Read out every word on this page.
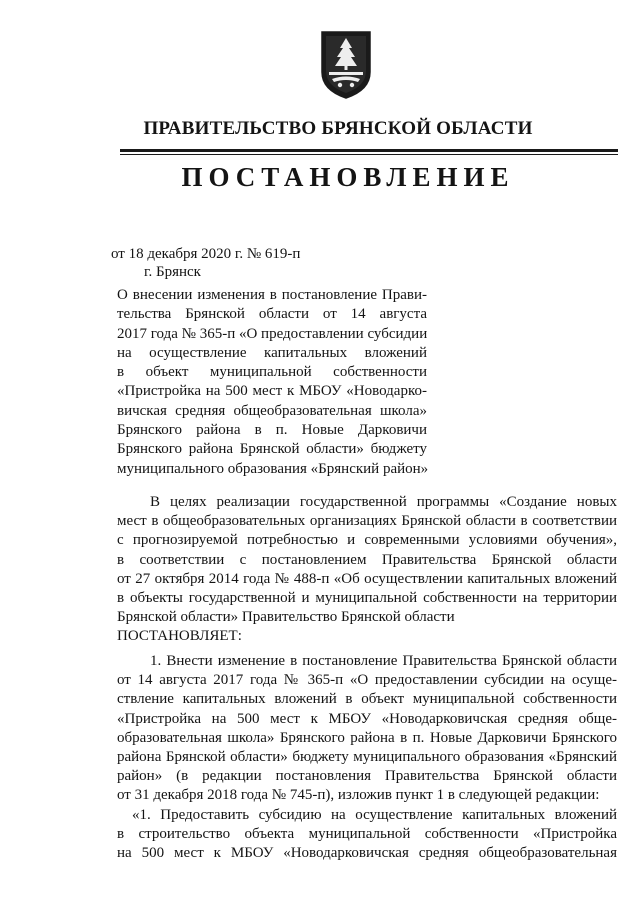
ПРАВИТЕЛЬСТВО БРЯНСКОЙ ОБЛАСТИ
ПОСТАНОВЛЕНИЕ
от 18 декабря 2020 г. № 619-п
г. Брянск
О внесении изменения в постановление Прави-
тельства Брянской области от 14 августа
2017 года № 365-п «О предоставлении субсидии
на осуществление капитальных вложений
в объект муниципальной собственности
«Пристройка на 500 мест к МБОУ «Новодарко-
вичская средняя общеобразовательная школа»
Брянского района в п. Новые Дарковичи
Брянского района Брянской области» бюджету
муниципального образования «Брянский район»
В целях реализации государственной программы «Создание новых
мест в общеобразовательных организациях Брянской области в соответствии
с прогнозируемой потребностью и современными условиями обучения»,
в соответствии с постановлением Правительства Брянской области
от 27 октября 2014 года № 488-п «Об осуществлении капитальных вложений
в объекты государственной и муниципальной собственности на территории
Брянской области» Правительство Брянской области
ПОСТАНОВЛЯЕТ:
1. Внести изменение в постановление Правительства Брянской области
от 14 августа 2017 года № 365-п «О предоставлении субсидии на осуще-
ствление капитальных вложений в объект муниципальной собственности
«Пристройка на 500 мест к МБОУ «Новодарковичская средняя обще-
образовательная школа» Брянского района в п. Новые Дарковичи Брянского
района Брянской области» бюджету муниципального образования «Брянский
район» (в редакции постановления Правительства Брянской области
от 31 декабря 2018 года № 745-п), изложив пункт 1 в следующей редакции:
«1. Предоставить субсидию на осуществление капитальных вложений
в строительство объекта муниципальной собственности «Пристройка
на 500 мест к МБОУ «Новодарковичская средняя общеобразовательная
